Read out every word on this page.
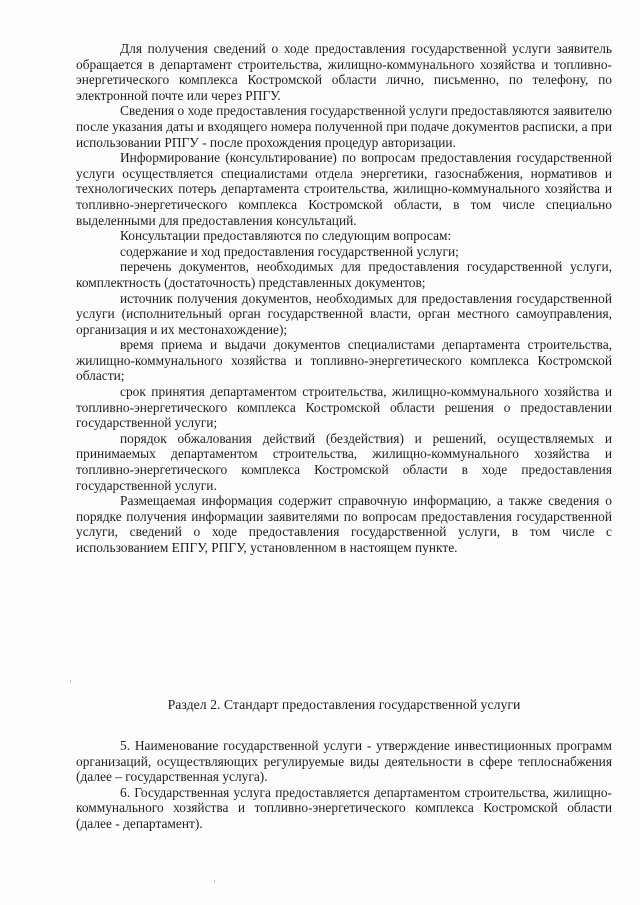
Для получения сведений о ходе предоставления государственной услуги заявитель обращается в департамент строительства, жилищно-коммунального хозяйства и топливно-энергетического комплекса Костромской области лично, письменно, по телефону, по электронной почте или через РПГУ.

Сведения о ходе предоставления государственной услуги предоставляются заявителю после указания даты и входящего номера полученной при подаче документов расписки, а при использовании РПГУ - после прохождения процедур авторизации.

Информирование (консультирование) по вопросам предоставления государственной услуги осуществляется специалистами отдела энергетики, газоснабжения, нормативов и технологических потерь департамента строительства, жилищно-коммунального хозяйства и топливно-энергетического комплекса Костромской области, в том числе специально выделенными для предоставления консультаций.

Консультации предоставляются по следующим вопросам:

содержание и ход предоставления государственной услуги;

перечень документов, необходимых для предоставления государственной услуги, комплектность (достаточность) представленных документов;

источник получения документов, необходимых для предоставления государственной услуги (исполнительный орган государственной власти, орган местного самоуправления, организация и их местонахождение);

время приема и выдачи документов специалистами департамента строительства, жилищно-коммунального хозяйства и топливно-энергетического комплекса Костромской области;

срок принятия департаментом строительства, жилищно-коммунального хозяйства и топливно-энергетического комплекса Костромской области решения о предоставлении государственной услуги;

порядок обжалования действий (бездействия) и решений, осуществляемых и принимаемых департаментом строительства, жилищно-коммунального хозяйства и топливно-энергетического комплекса Костромской области в ходе предоставления государственной услуги.

Размещаемая информация содержит справочную информацию, а также сведения о порядке получения информации заявителями по вопросам предоставления государственной услуги, сведений о ходе предоставления государственной услуги, в том числе с использованием ЕПГУ, РПГУ, установленном в настоящем пункте.

Раздел 2. Стандарт предоставления государственной услуги

5. Наименование государственной услуги - утверждение инвестиционных программ организаций, осуществляющих регулируемые виды деятельности в сфере теплоснабжения (далее – государственная услуга).

6. Государственная услуга предоставляется департаментом строительства, жилищно-коммунального хозяйства и топливно-энергетического комплекса Костромской области (далее - департамент).
